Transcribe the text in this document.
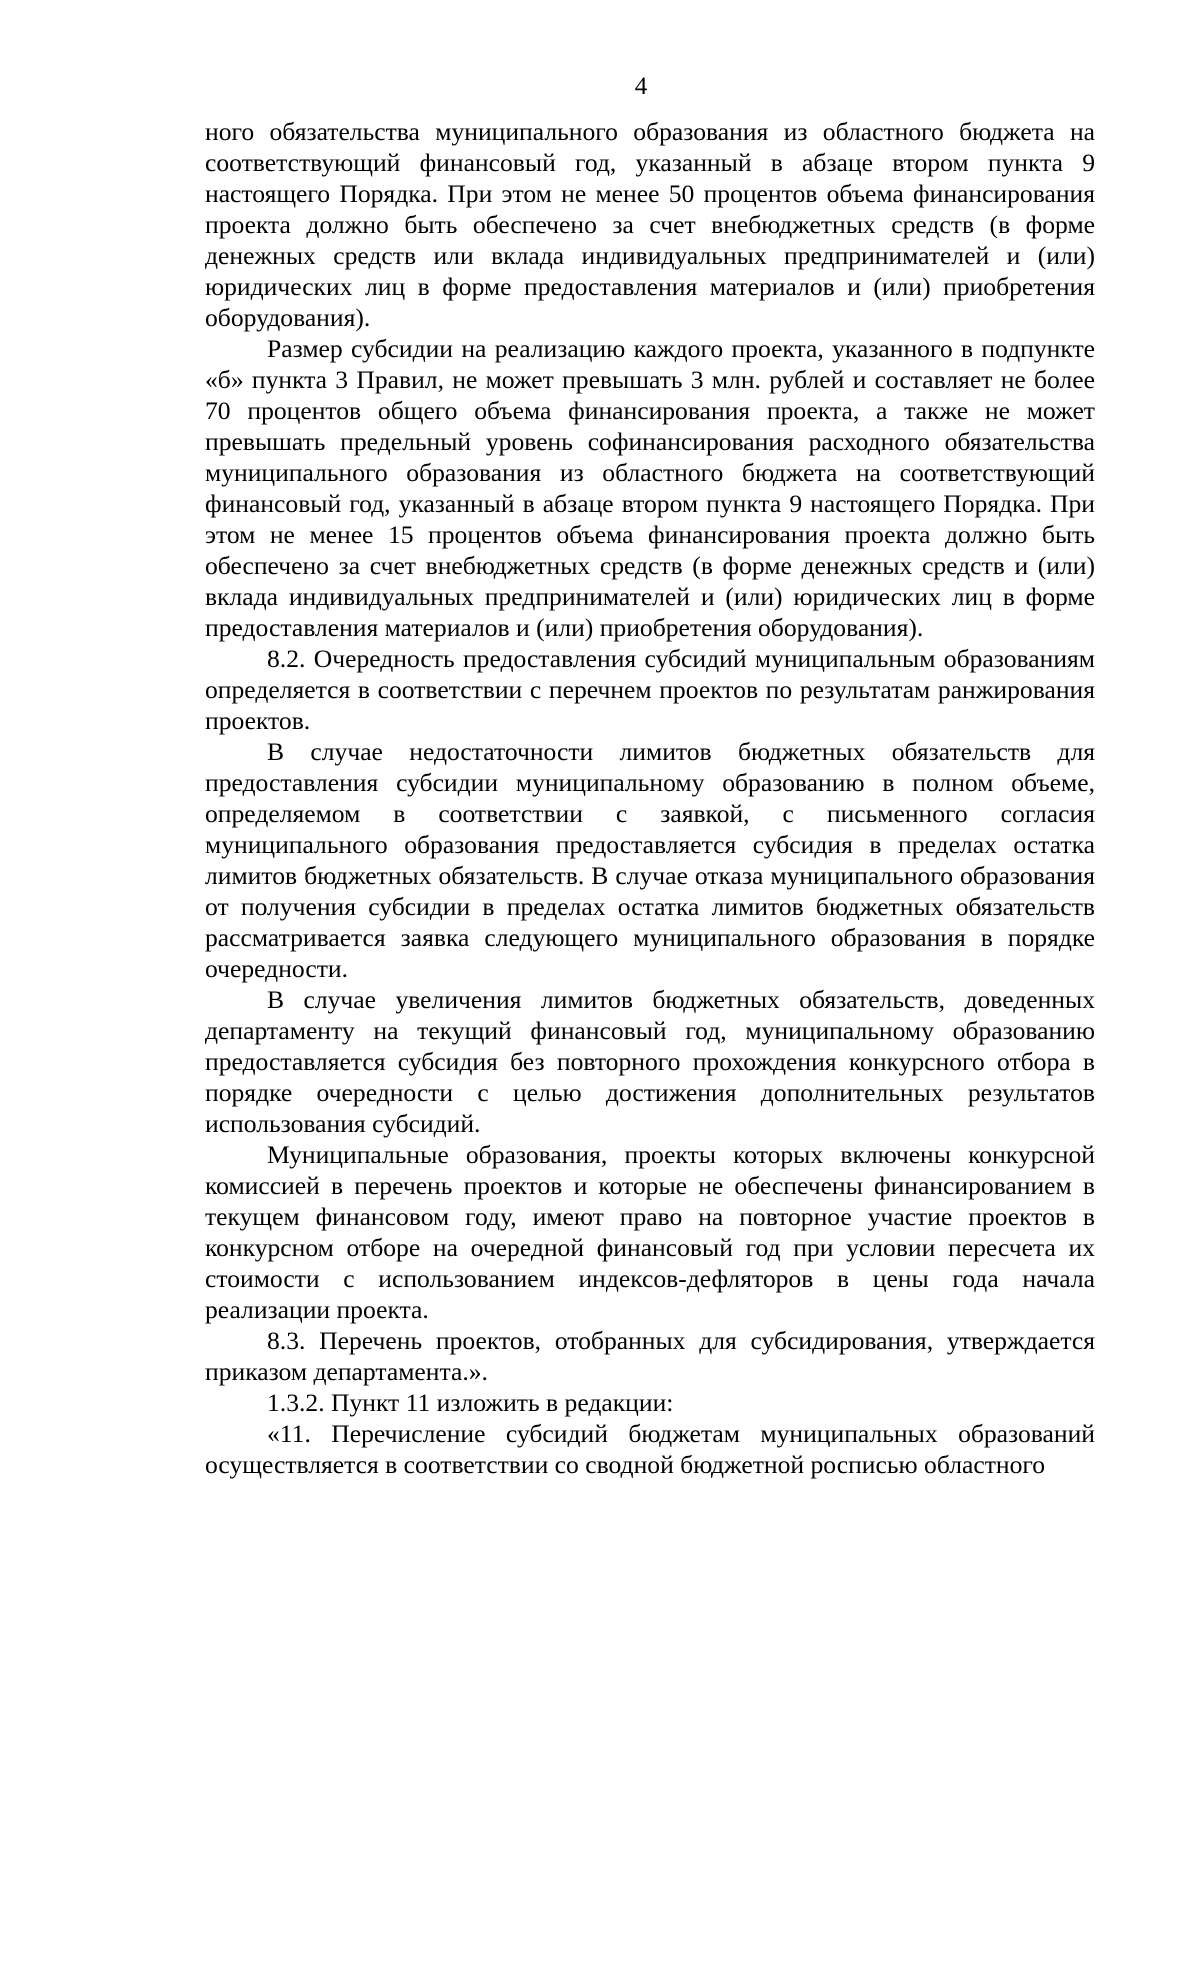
4

ного обязательства муниципального образования из областного бюджета на соответствующий финансовый год, указанный в абзаце втором пункта 9 настоящего Порядка. При этом не менее 50 процентов объема финансирования проекта должно быть обеспечено за счет внебюджетных средств (в форме денежных средств или вклада индивидуальных предпринимателей и (или) юридических лиц в форме предоставления материалов и (или) приобретения оборудования).

Размер субсидии на реализацию каждого проекта, указанного в подпункте «б» пункта 3 Правил, не может превышать 3 млн. рублей и составляет не более 70 процентов общего объема финансирования проекта, а также не может превышать предельный уровень софинансирования расходного обязательства муниципального образования из областного бюджета на соответствующий финансовый год, указанный в абзаце втором пункта 9 настоящего Порядка. При этом не менее 15 процентов объема финансирования проекта должно быть обеспечено за счет внебюджетных средств (в форме денежных средств и (или) вклада индивидуальных предпринимателей и (или) юридических лиц в форме предоставления материалов и (или) приобретения оборудования).

8.2. Очередность предоставления субсидий муниципальным образованиям определяется в соответствии с перечнем проектов по результатам ранжирования проектов.

В случае недостаточности лимитов бюджетных обязательств для предоставления субсидии муниципальному образованию в полном объеме, определяемом в соответствии с заявкой, с письменного согласия муниципального образования предоставляется субсидия в пределах остатка лимитов бюджетных обязательств. В случае отказа муниципального образования от получения субсидии в пределах остатка лимитов бюджетных обязательств рассматривается заявка следующего муниципального образования в порядке очередности.

В случае увеличения лимитов бюджетных обязательств, доведенных департаменту на текущий финансовый год, муниципальному образованию предоставляется субсидия без повторного прохождения конкурсного отбора в порядке очередности с целью достижения дополнительных результатов использования субсидий.

Муниципальные образования, проекты которых включены конкурсной комиссией в перечень проектов и которые не обеспечены финансированием в текущем финансовом году, имеют право на повторное участие проектов в конкурсном отборе на очередной финансовый год при условии пересчета их стоимости с использованием индексов-дефляторов в цены года начала реализации проекта.

8.3. Перечень проектов, отобранных для субсидирования, утверждается приказом департамента.».

1.3.2. Пункт 11 изложить в редакции:

«11. Перечисление субсидий бюджетам муниципальных образований осуществляется в соответствии со сводной бюджетной росписью областного
